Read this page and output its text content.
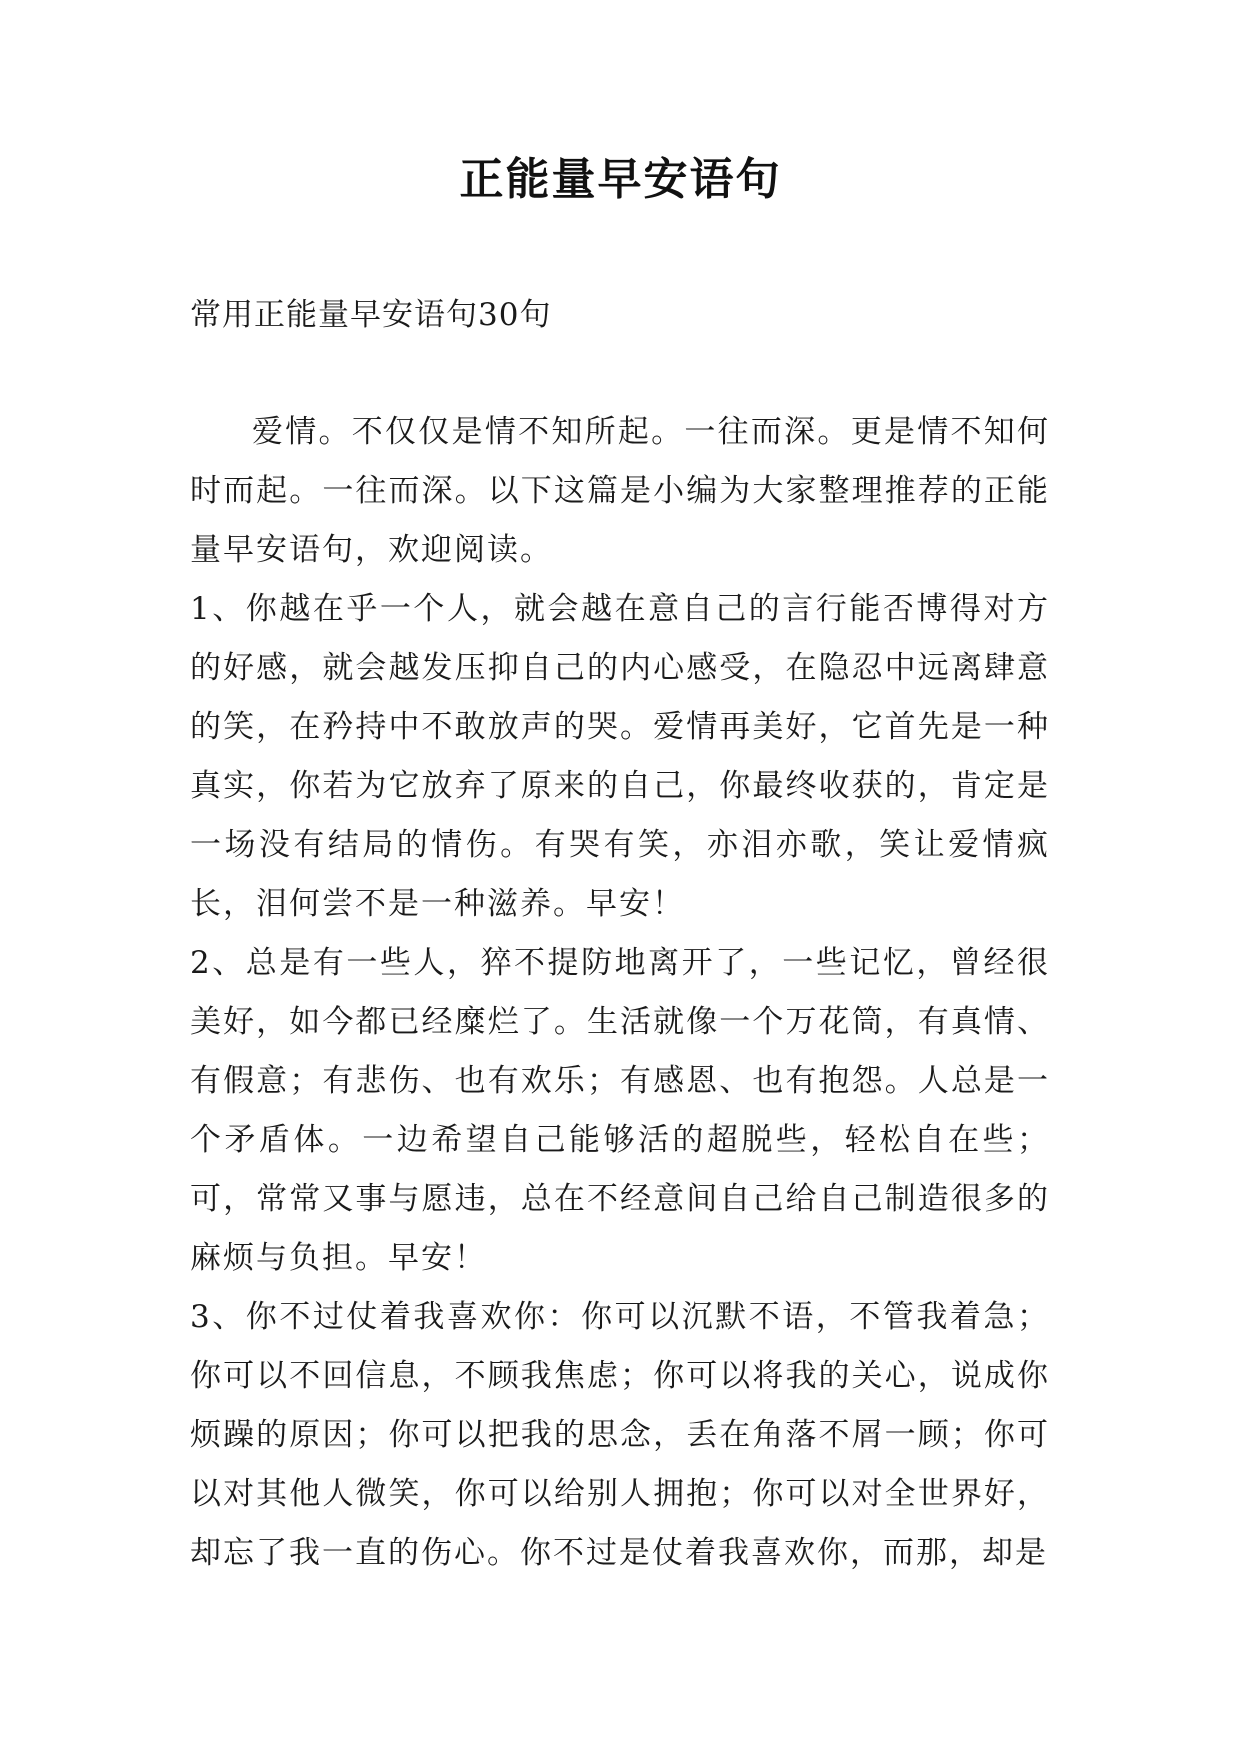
正能量早安语句
常用正能量早安语句30句

爱情。不仅仅是情不知所起。一往而深。更是情不知何时而起。一往而深。以下这篇是小编为大家整理推荐的正能量早安语句，欢迎阅读。

1、你越在乎一个人，就会越在意自己的言行能否博得对方的好感，就会越发压抑自己的内心感受，在隐忍中远离肆意的笑，在矜持中不敢放声的哭。爱情再美好，它首先是一种真实，你若为它放弃了原来的自己，你最终收获的，肯定是一场没有结局的情伤。有哭有笑，亦泪亦歌，笑让爱情疯长，泪何尝不是一种滋养。早安！

2、总是有一些人，猝不提防地离开了，一些记忆，曾经很美好，如今都已经糜烂了。生活就像一个万花筒，有真情、有假意；有悲伤、也有欢乐；有感恩、也有抱怨。人总是一个矛盾体。一边希望自己能够活的超脱些，轻松自在些；可，常常又事与愿违，总在不经意间自己给自己制造很多的麻烦与负担。早安！

3、你不过仗着我喜欢你：你可以沉默不语，不管我着急；你可以不回信息，不顾我焦虑；你可以将我的关心，说成你烦躁的原因；你可以把我的思念，丢在角落不屑一顾；你可以对其他人微笑，你可以给别人拥抱；你可以对全世界好，却忘了我一直的伤心。你不过是仗着我喜欢你，而那，却是
